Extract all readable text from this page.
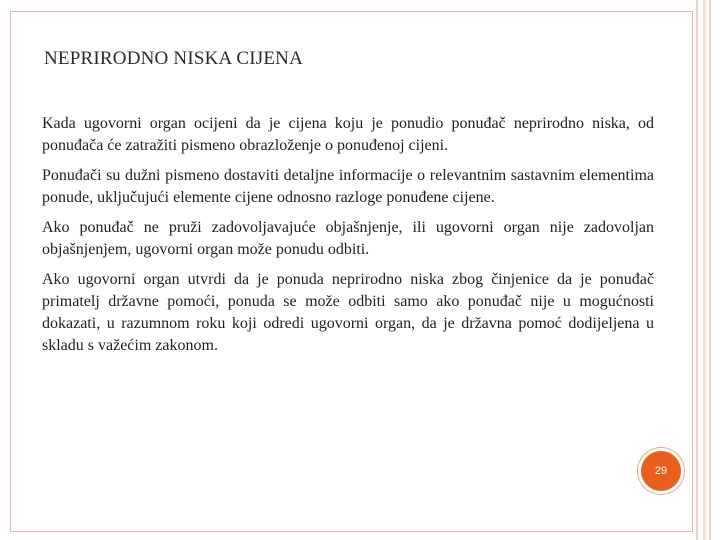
NEPRIRODNO NISKA CIJENA

Kada ugovorni organ ocijeni da je cijena koju je ponudio ponuđač neprirodno niska, od ponuđača će zatražiti pismeno obrazloženje o ponuđenoj cijeni.

Ponuđači su dužni pismeno dostaviti detaljne informacije o relevantnim sastavnim elementima ponude, uključujući elemente cijene odnosno razloge ponuđene cijene.

Ako ponuđač ne pruži zadovoljavajuće objašnjenje, ili ugovorni organ nije zadovoljan objašnjenjem, ugovorni organ može ponudu odbiti.

Ako ugovorni organ utvrdi da je ponuda neprirodno niska zbog činjenice da je ponuđač primatelj državne pomoći, ponuda se može odbiti samo ako ponuđač nije u mogućnosti dokazati, u razumnom roku koji odredi ugovorni organ, da je državna pomoć dodijeljena u skladu s važećim zakonom.

29
